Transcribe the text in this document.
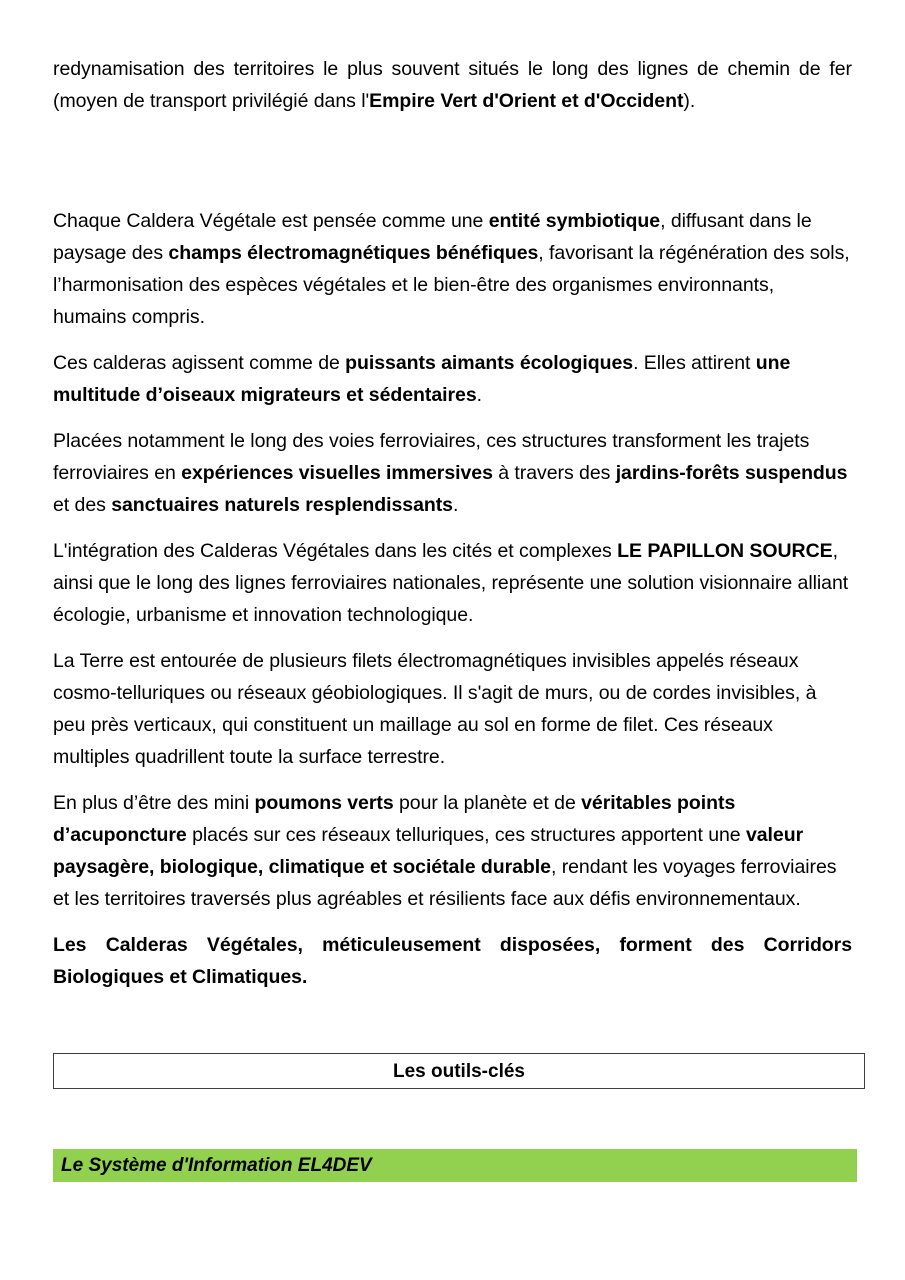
redynamisation des territoires le plus souvent situés le long des lignes de chemin de fer (moyen de transport privilégié dans l'Empire Vert d'Orient et d'Occident).

Chaque Caldera Végétale est pensée comme une entité symbiotique, diffusant dans le paysage des champs électromagnétiques bénéfiques, favorisant la régénération des sols, l’harmonisation des espèces végétales et le bien-être des organismes environnants, humains compris.

Ces calderas agissent comme de puissants aimants écologiques. Elles attirent une multitude d’oiseaux migrateurs et sédentaires.

Placées notamment le long des voies ferroviaires, ces structures transforment les trajets ferroviaires en expériences visuelles immersives à travers des jardins-forêts suspendus et des sanctuaires naturels resplendissants.

L'intégration des Calderas Végétales dans les cités et complexes LE PAPILLON SOURCE, ainsi que le long des lignes ferroviaires nationales, représente une solution visionnaire alliant écologie, urbanisme et innovation technologique.

La Terre est entourée de plusieurs filets électromagnétiques invisibles appelés réseaux cosmo-telluriques ou réseaux géobiologiques. Il s'agit de murs, ou de cordes invisibles, à peu près verticaux, qui constituent un maillage au sol en forme de filet. Ces réseaux multiples quadrillent toute la surface terrestre.

En plus d’être des mini poumons verts pour la planète et de véritables points d’acuponcture placés sur ces réseaux telluriques, ces structures apportent une valeur paysagère, biologique, climatique et sociétale durable, rendant les voyages ferroviaires et les territoires traversés plus agréables et résilients face aux défis environnementaux.

Les Calderas Végétales, méticuleusement disposées, forment des Corridors Biologiques et Climatiques.

Les outils-clés
Le Système d'Information EL4DEV
